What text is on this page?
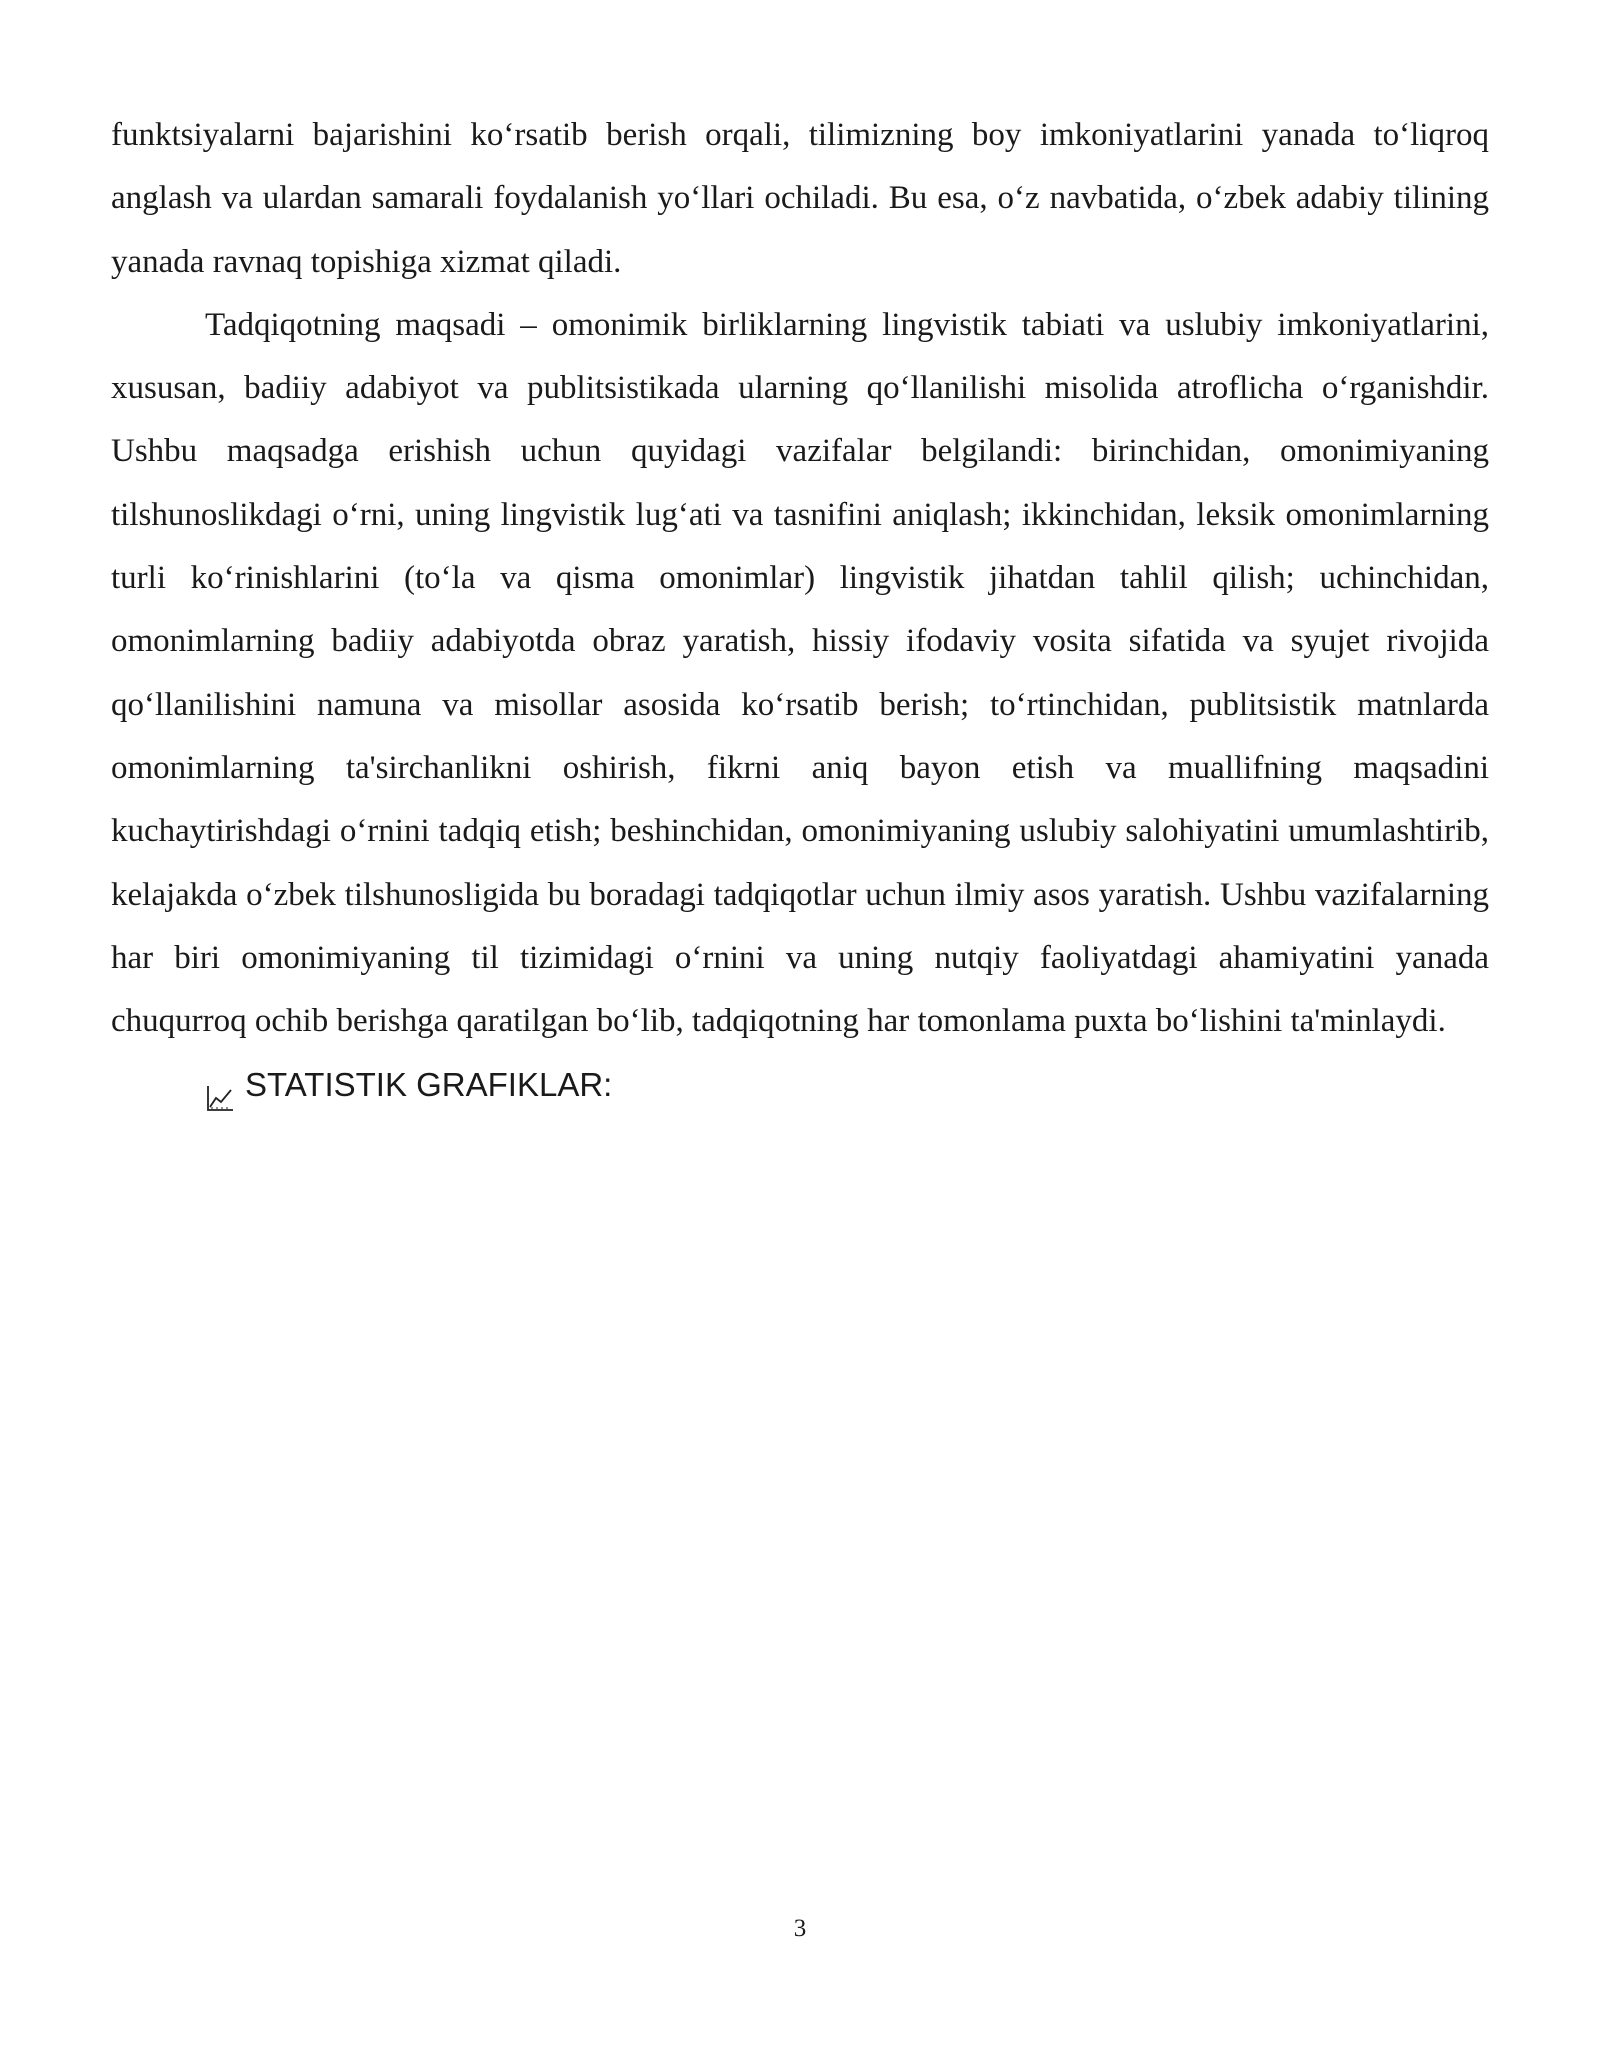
funktsiyalarni bajarishini ko‘rsatib berish orqali, tilimizning boy imkoniyatlarini yanada to‘liqroq anglash va ulardan samarali foydalanish yo‘llari ochiladi. Bu esa, o‘z navbatida, o‘zbek adabiy tilining yanada ravnaq topishiga xizmat qiladi.

Tadqiqotning maqsadi – omonimik birliklarning lingvistik tabiati va uslubiy imkoniyatlarini, xususan, badiiy adabiyot va publitsistikada ularning qo‘llanilishi misolida atroflicha o‘rganishdir. Ushbu maqsadga erishish uchun quyidagi vazifalar belgilandi: birinchidan, omonimiyaning tilshunoslikdagi o‘rni, uning lingvistik lug‘ati va tasnifini aniqlash; ikkinchidan, leksik omonimlarning turli ko‘rinishlarini (to‘la va qisma omonimlar) lingvistik jihatdan tahlil qilish; uchinchidan, omonimlarning badiiy adabiyotda obraz yaratish, hissiy ifodaviy vosita sifatida va syujet rivojida qo‘llanilishini namuna va misollar asosida ko‘rsatib berish; to‘rtinchidan, publitsistik matnlarda omonimlarning ta'sirchanlikni oshirish, fikrni aniq bayon etish va muallifning maqsadini kuchaytirishdagi o‘rnini tadqiq etish; beshinchidan, omonimiyaning uslubiy salohiyatini umumlashtirib, kelajakda o‘zbek tilshunosligida bu boradagi tadqiqotlar uchun ilmiy asos yaratish. Ushbu vazifalarning har biri omonimiyaning til tizimidagi o‘rnini va uning nutqiy faoliyatdagi ahamiyatini yanada chuqurroq ochib berishga qaratilgan bo‘lib, tadqiqotning har tomonlama puxta bo‘lishini ta'minlaydi.

STATISTIK GRAFIKLAR:
3
